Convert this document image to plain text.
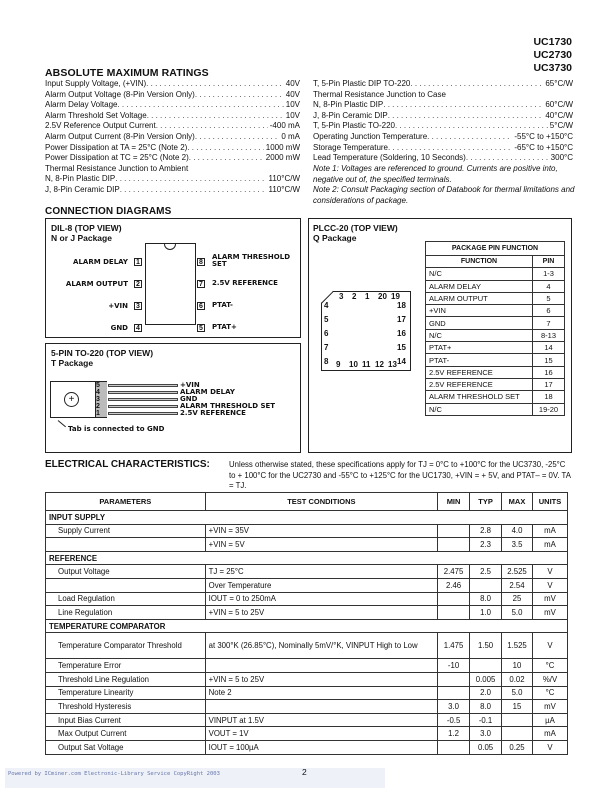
UC1730
UC2730
UC3730
ABSOLUTE MAXIMUM RATINGS
Input Supply Voltage, (+VIN) . . .	40V
Alarm Output Voltage (8-Pin Version Only) . . .	40V
Alarm Delay Voltage . . .	10V
Alarm Threshold Set Voltage . . .	10V
2.5V Reference Output Current . . .	-400 mA
Alarm Output Current (8-Pin Version Only) . . .	0 mA
Power Dissipation at TA = 25°C (Note 2) . . .	1000 mW
Power Dissipation at TC = 25°C (Note 2) . . .	2000 mW
Thermal Resistance Junction to Ambient
N, 8-Pin Plastic DIP . . .	110°C/W
J, 8-Pin Ceramic DIP . . .	110°C/W
T, 5-Pin Plastic DIP TO-220 . . .	65°C/W
Thermal Resistance Junction to Case
N, 8-Pin Plastic DIP . . .	60°C/W
J, 8-Pin Ceramic DIP . . .	40°C/W
T, 5-Pin Plastic TO-220 . . .	5°C/W
Operating Junction Temperature . . .	-55°C to +150°C
Storage Temperature . . .	-65°C to +150°C
Lead Temperature (Soldering, 10 Seconds) . . .	300°C
Note 1: Voltages are referenced to ground. Currents are positive into, negative out of, the specified terminals.
Note 2: Consult Packaging section of Databook for thermal limitations and considerations of package.
CONNECTION DIAGRAMS
DIL-8 (TOP VIEW)
N or J Package
1
ALARM DELAY
2
ALARM OUTPUT
3
+VIN
4
GND
8
ALARM THRESHOLD SET
7 2.5V REFERENCE
6 PTAT-
5 PTAT+
5-PIN TO-220 (TOP VIEW)
T Package
+
5	+VIN
4	ALARM DELAY
3	GND
2	ALARM THRESHOLD SET
1	2.5V REFERENCE
Tab is connected to GND
PLCC-20 (TOP VIEW)
Q Package
3 2 1 20 19
4
5
6
7
8
18
17
16
15
14
9 10 11 12 13
PACKAGE PIN FUNCTION	
FUNCTION	PIN
N/C	1-3
ALARM DELAY	4
ALARM OUTPUT	5
+VIN	6
GND	7
N/C	8-13
PTAT+	14
PTAT-	15
2.5V REFERENCE	16
2.5V REFERENCE	17
ALARM THRESHOLD SET	18
N/C	19-20
ELECTRICAL CHARACTERISTICS: Unless otherwise stated, these specifications apply for TJ = 0°C to +100°C for the UC3730, -25°C to + 100°C for the UC2730 and -55°C to +125°C for the UC1730, +VIN = + 5V, and PTAT– = 0V. TA = TJ.
PARAMETERS	TEST CONDITIONS	MIN	TYP	MAX	UNITS
INPUT SUPPLY					
Supply Current	+VIN = 35V		2.8	4.0	mA
	+VIN = 5V		2.3	3.5	mA
REFERENCE					
Output Voltage	TJ = 25°C	2.475	2.5	2.525	V
	Over Temperature	2.46		2.54	V
Load Regulation	IOUT = 0 to 250mA		8.0	25	mV
Line Regulation	+VIN = 5 to 25V		1.0	5.0	mV
TEMPERATURE COMPARATOR					
Temperature Comparator Threshold	at 300°K (26.85°C), Nominally 5mV/°K, VINPUT High to Low	1.475	1.50	1.525	V
Temperature Error		-10		10	°C
Threshold Line Regulation	+VIN = 5 to 25V		0.005	0.02	%/V
Temperature Linearity	Note 2		2.0	5.0	°C
Threshold Hysteresis		3.0	8.0	15	mV
Input Bias Current	VINPUT at 1.5V	-0.5	-0.1		µA
Max Output Current	VOUT = 1V	1.2	3.0		mA
Output Sat Voltage	IOUT = 100µA		0.05	0.25	V
Powered by ICminer.com Electronic-Library Service CopyRight 2003	2
